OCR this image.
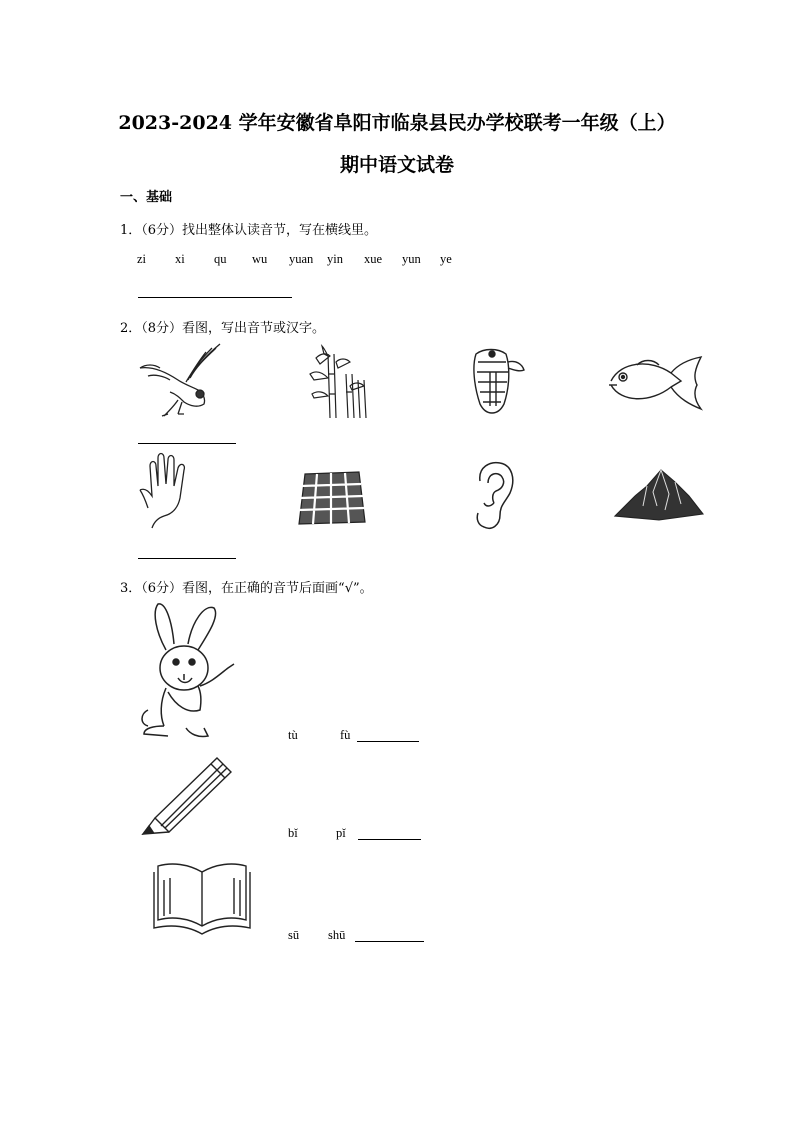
2023-2024 学年安徽省阜阳市临泉县民办学校联考一年级（上）
期中语文试卷
一、基础
1．（6分）找出整体认读音节，写在横线里。
zi xi qu wu yuan yin xue yun ye
2．（8分）看图，写出音节或汉字。
3．（6分）看图，在正确的音节后面画“√”。
tù	fù
bǐ	pǐ
sū shū
